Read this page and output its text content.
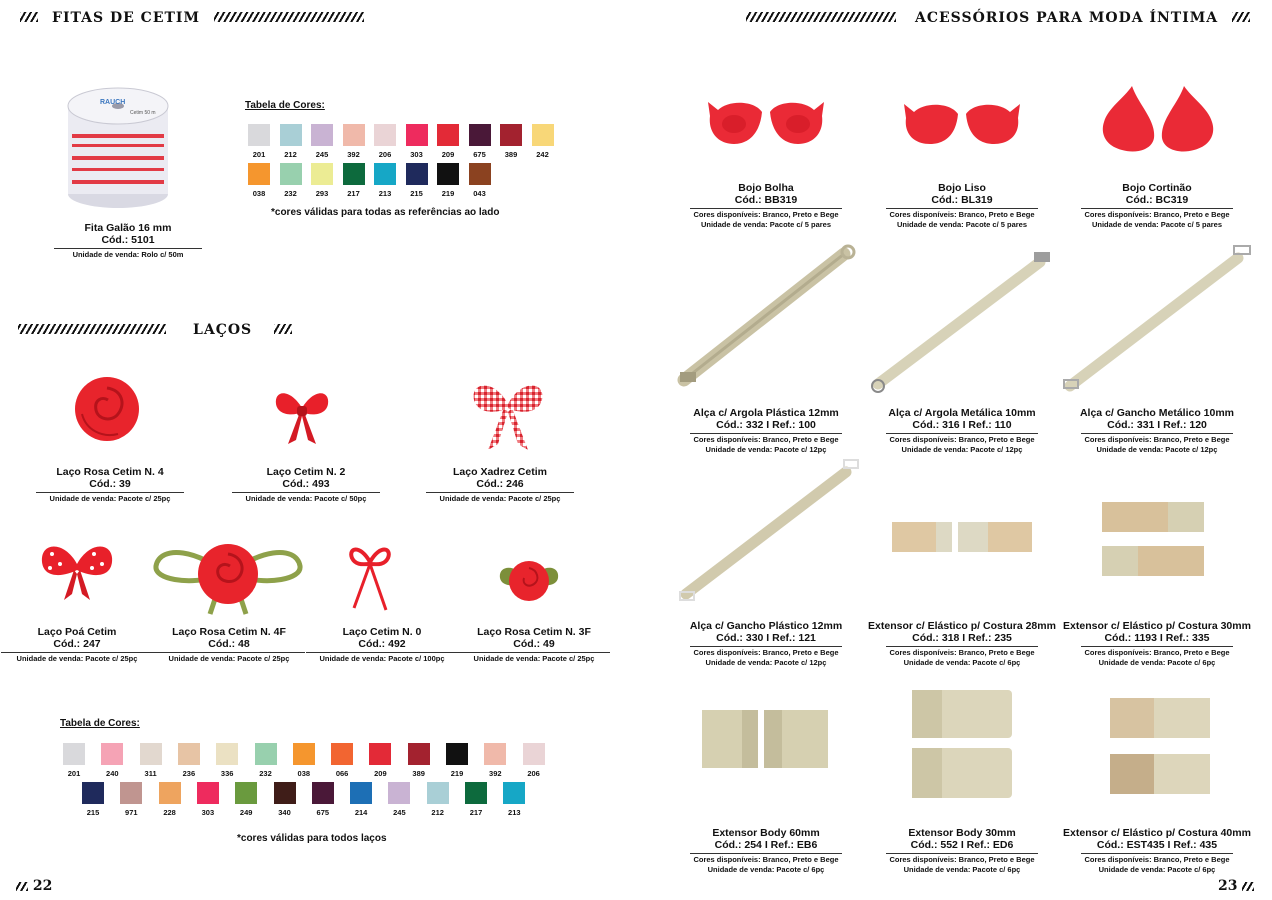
FITAS DE CETIM
RAUCH
Cetim 50 m
Fita Galão 16 mm
Cód.: 5101
Unidade de venda: Rolo c/ 50m
Tabela de Cores:
201	212	245	392	206	303	209	675	389	242
038	232	293	217	213	215	219	043
*cores válidas para todas as referências ao lado
LAÇOS
Laço Rosa Cetim N. 4
Cód.: 39
Unidade de venda: Pacote c/ 25pç
Laço Cetim N. 2
Cód.: 493
Unidade de venda: Pacote c/ 50pç
Laço Xadrez Cetim
Cód.: 246
Unidade de venda: Pacote c/ 25pç
Laço Poá Cetim
Cód.: 247
Unidade de venda: Pacote c/ 25pç
Laço Rosa Cetim N. 4F
Cód.: 48
Unidade de venda: Pacote c/ 25pç
Laço Cetim N. 0
Cód.: 492
Unidade de venda: Pacote c/ 100pç
Laço Rosa Cetim N. 3F
Cód.: 49
Unidade de venda: Pacote c/ 25pç
Tabela de Cores:
201	240	311	236	336	232	038	066	209	389	219	392	206
215	971	228	303	249	340	675	214	245	212	217	213
*cores válidas para todos laços
22
ACESSÓRIOS PARA MODA ÍNTIMA
Bojo Bolha
Cód.: BB319
Cores disponíveis: Branco, Preto e Bege
Unidade de venda: Pacote c/ 5 pares
Bojo Liso
Cód.: BL319
Cores disponíveis: Branco, Preto e Bege
Unidade de venda: Pacote c/ 5 pares
Bojo Cortinão
Cód.: BC319
Cores disponíveis: Branco, Preto e Bege
Unidade de venda: Pacote c/ 5 pares
Alça c/ Argola Plástica 12mm
Cód.: 332 I Ref.: 100
Cores disponíveis: Branco, Preto e Bege
Unidade de venda: Pacote c/ 12pç
Alça c/ Argola Metálica 10mm
Cód.: 316 I Ref.: 110
Cores disponíveis: Branco, Preto e Bege
Unidade de venda: Pacote c/ 12pç
Alça c/ Gancho Metálico 10mm
Cód.: 331 I Ref.: 120
Cores disponíveis: Branco, Preto e Bege
Unidade de venda: Pacote c/ 12pç
Alça c/ Gancho Plástico 12mm
Cód.: 330 I Ref.: 121
Cores disponíveis: Branco, Preto e Bege
Unidade de venda: Pacote c/ 12pç
Extensor c/ Elástico p/ Costura 28mm
Cód.: 318 I Ref.: 235
Cores disponíveis: Branco, Preto e Bege
Unidade de venda: Pacote c/ 6pç
Extensor c/ Elástico p/ Costura 30mm
Cód.: 1193 I Ref.: 335
Cores disponíveis: Branco, Preto e Bege
Unidade de venda: Pacote c/ 6pç
Extensor Body 60mm
Cód.: 254 I Ref.: EB6
Cores disponíveis: Branco, Preto e Bege
Unidade de venda: Pacote c/ 6pç
Extensor Body 30mm
Cód.: 552 I Ref.: ED6
Cores disponíveis: Branco, Preto e Bege
Unidade de venda: Pacote c/ 6pç
Extensor c/ Elástico p/ Costura 40mm
Cód.: EST435 I Ref.: 435
Cores disponíveis: Branco, Preto e Bege
Unidade de venda: Pacote c/ 6pç
23
